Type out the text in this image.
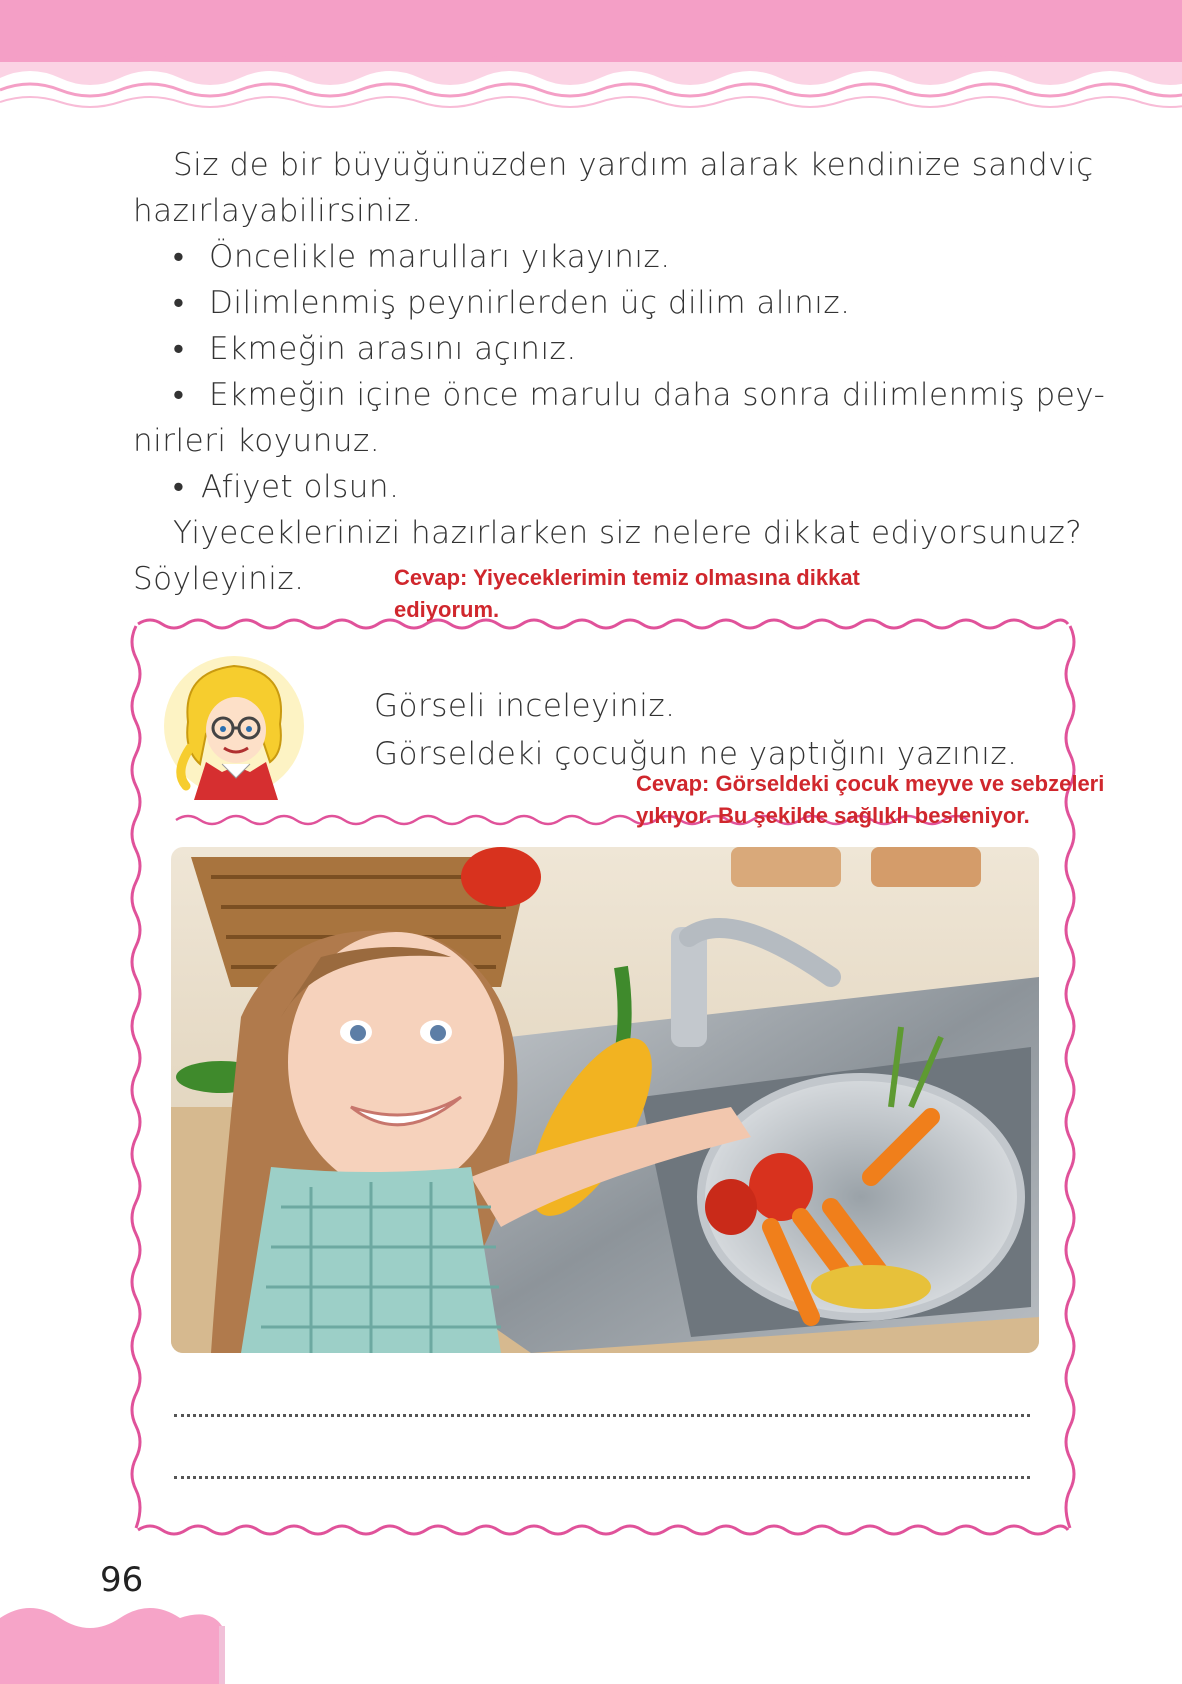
Siz de bir büyüğünüzden yardım alarak kendinize sandviç
hazırlayabilirsiniz.
• Öncelikle marulları yıkayınız.
• Dilimlenmiş peynirlerden üç dilim alınız.
• Ekmeğin arasını açınız.
• Ekmeğin içine önce marulu daha sonra dilimlenmiş pey-
nirleri koyunuz.
• Afiyet olsun.
Yiyeceklerinizi hazırlarken siz nelere dikkat ediyorsunuz?
Söyleyiniz.	Cevap: Yiyeceklerimin temiz olmasına dikkat
ediyorum.
Görseli inceleyiniz.
Görseldeki çocuğun ne yaptığını yazınız.
Cevap: Görseldeki çocuk meyve ve sebzeleri
yıkıyor. Bu şekilde sağlıklı besleniyor.
96
